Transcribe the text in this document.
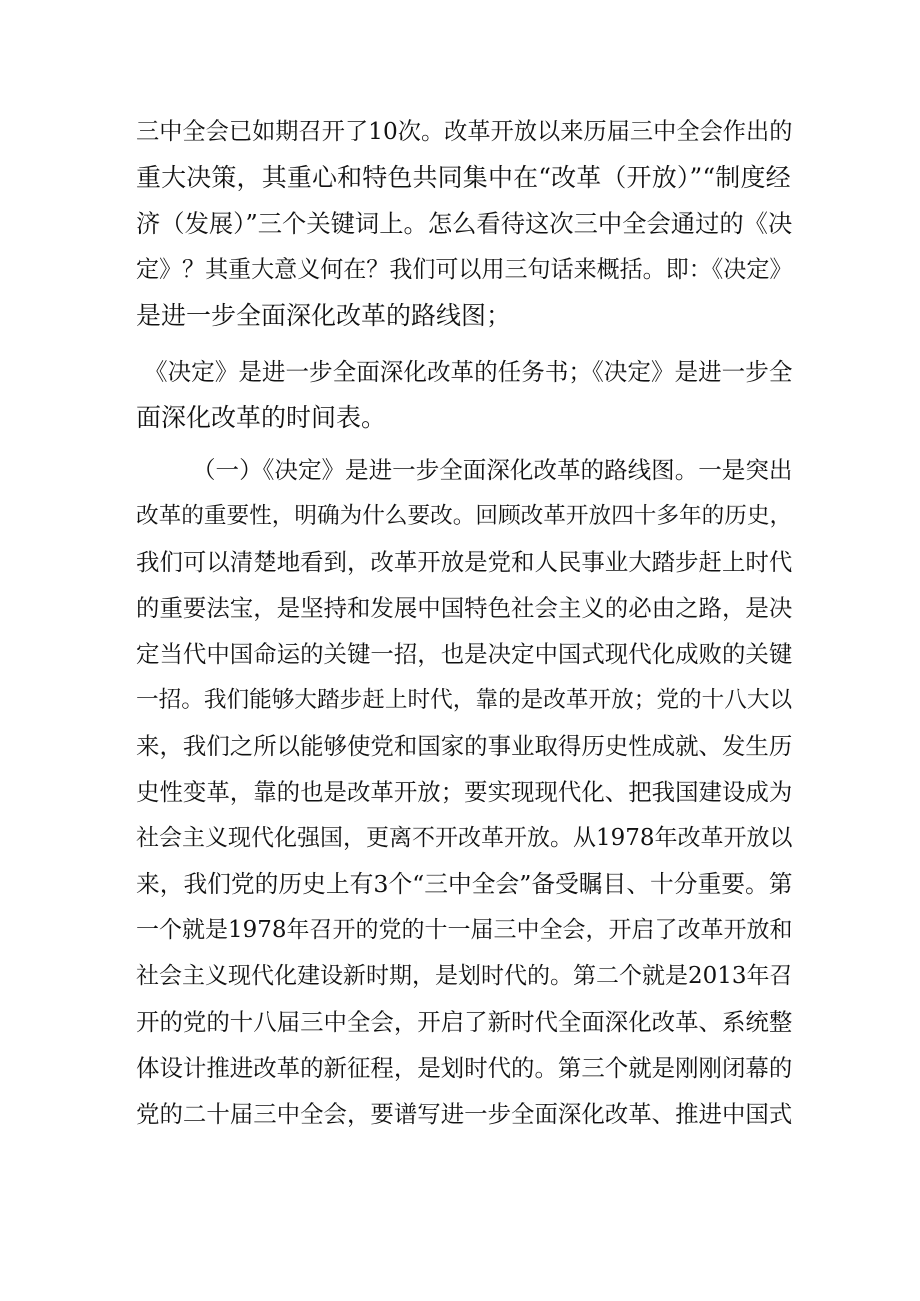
三中全会已如期召开了10次。改革开放以来历届三中全会作出的
重大决策，其重心和特色共同集中在“改革（开放）”“制度经
济（发展）”三个关键词上。怎么看待这次三中全会通过的《决
定》？其重大意义何在？我们可以用三句话来概括。即：《决定》
是进一步全面深化改革的路线图；
《决定》是进一步全面深化改革的任务书；《决定》是进一步全
面深化改革的时间表。
（一）《决定》是进一步全面深化改革的路线图。一是突出
改革的重要性，明确为什么要改。回顾改革开放四十多年的历史，
我们可以清楚地看到，改革开放是党和人民事业大踏步赶上时代
的重要法宝，是坚持和发展中国特色社会主义的必由之路，是决
定当代中国命运的关键一招，也是决定中国式现代化成败的关键
一招。我们能够大踏步赶上时代，靠的是改革开放；党的十八大以
来，我们之所以能够使党和国家的事业取得历史性成就、发生历
史性变革，靠的也是改革开放；要实现现代化、把我国建设成为
社会主义现代化强国，更离不开改革开放。从1978年改革开放以
来，我们党的历史上有3个“三中全会”备受瞩目、十分重要。第
一个就是1978年召开的党的十一届三中全会，开启了改革开放和
社会主义现代化建设新时期，是划时代的。第二个就是2013年召
开的党的十八届三中全会，开启了新时代全面深化改革、系统整
体设计推进改革的新征程，是划时代的。第三个就是刚刚闭幕的
党的二十届三中全会，要谱写进一步全面深化改革、推进中国式
